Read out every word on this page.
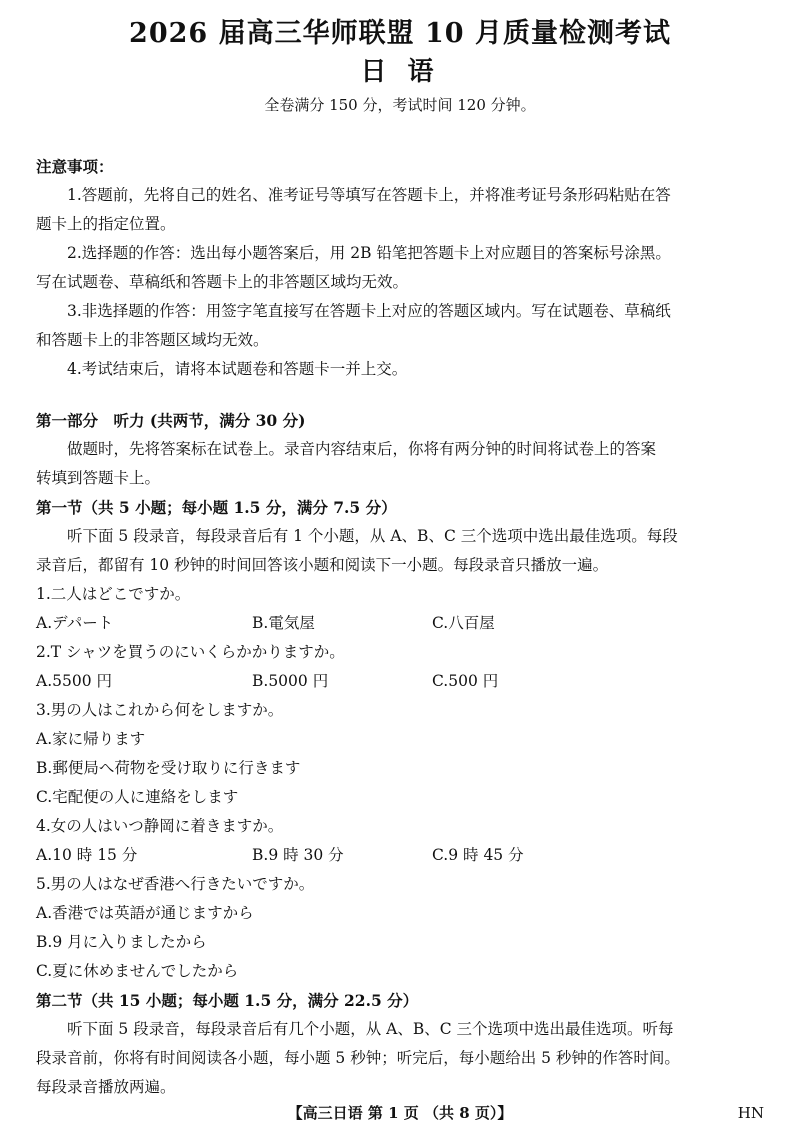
2026 届高三华师联盟 10 月质量检测考试
日 语
全卷满分 150 分，考试时间 120 分钟。
注意事项：
1.答题前，先将自己的姓名、准考证号等填写在答题卡上，并将准考证号条形码粘贴在答
题卡上的指定位置。
2.选择题的作答：选出每小题答案后，用 2B 铅笔把答题卡上对应题目的答案标号涂黑。
写在试题卷、草稿纸和答题卡上的非答题区域均无效。
3.非选择题的作答：用签字笔直接写在答题卡上对应的答题区域内。写在试题卷、草稿纸
和答题卡上的非答题区域均无效。
4.考试结束后，请将本试题卷和答题卡一并上交。
第一部分　听力 (共两节，满分 30 分)
做题时，先将答案标在试卷上。录音内容结束后，你将有两分钟的时间将试卷上的答案
转填到答题卡上。
第一节（共 5 小题；每小题 1.5 分，满分 7.5 分）
听下面 5 段录音，每段录音后有 1 个小题，从 A、B、C 三个选项中选出最佳选项。每段
录音后，都留有 10 秒钟的时间回答该小题和阅读下一小题。每段录音只播放一遍。
1.二人はどこですか。
A.デパート	B.電気屋	C.八百屋
2.T シャツを買うのにいくらかかりますか。
A.5500 円	B.5000 円	C.500 円
3.男の人はこれから何をしますか。
A.家に帰ります
B.郵便局へ荷物を受け取りに行きます
C.宅配便の人に連絡をします
4.女の人はいつ静岡に着きますか。
A.10 時 15 分	B.9 時 30 分	C.9 時 45 分
5.男の人はなぜ香港へ行きたいですか。
A.香港では英語が通じますから
B.9 月に入りましたから
C.夏に休めませんでしたから
第二节（共 15 小题；每小题 1.5 分，满分 22.5 分）
听下面 5 段录音，每段录音后有几个小题，从 A、B、C 三个选项中选出最佳选项。听每
段录音前，你将有时间阅读各小题，每小题 5 秒钟；听完后，每小题给出 5 秒钟的作答时间。
每段录音播放两遍。
【高三日语 第 1 页 （共 8 页）】	HN
